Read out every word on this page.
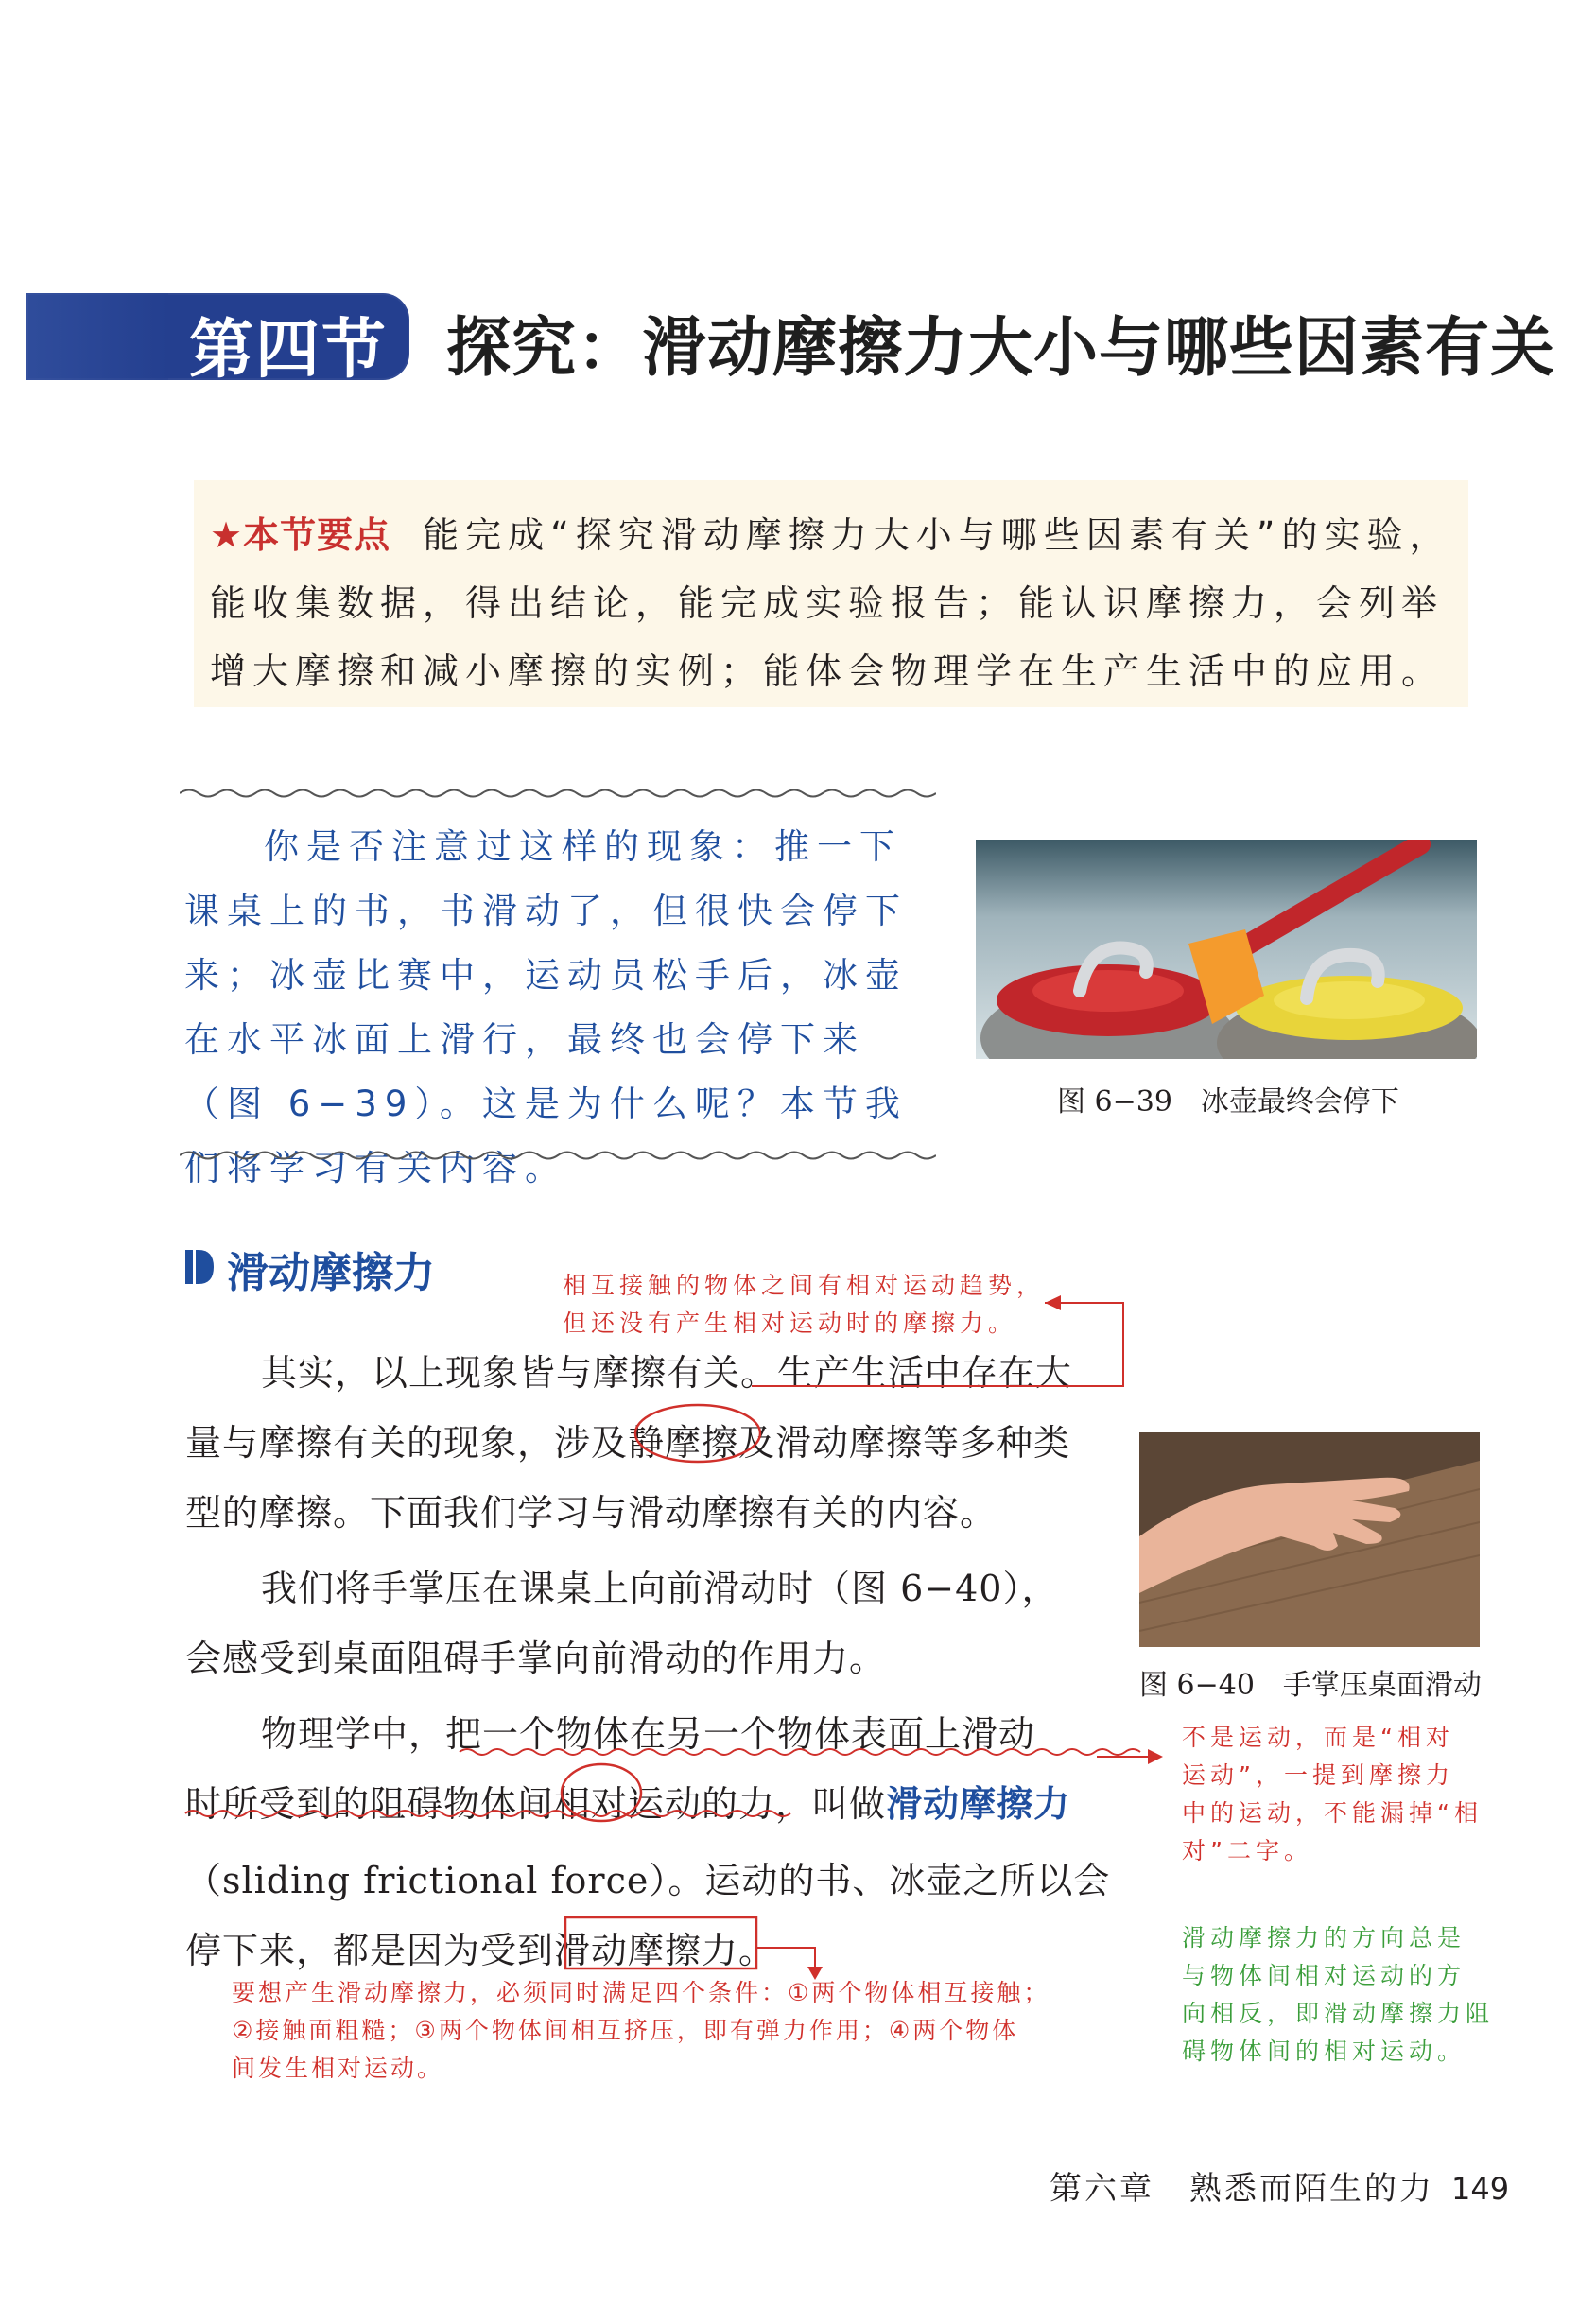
第四节 探究：滑动摩擦力大小与哪些因素有关
★本节要点 能完成“探究滑动摩擦力大小与哪些因素有关”的实验，能收集数据，得出结论，能完成实验报告；能认识摩擦力，会列举增大摩擦和减小摩擦的实例；能体会物理学在生产生活中的应用。
你是否注意过这样的现象：推一下课桌上的书，书滑动了，但很快会停下来；冰壶比赛中，运动员松手后，冰壶在水平冰面上滑行，最终也会停下来（图 6−39）。这是为什么呢？本节我们将学习有关内容。
图 6−39　冰壶最终会停下
滑动摩擦力	相互接触的物体之间有相对运动趋势，
但还没有产生相对运动时的摩擦力。
其实，以上现象皆与摩擦有关。生产生活中存在大
量与摩擦有关的现象，涉及静摩擦及滑动摩擦等多种类
型的摩擦。下面我们学习与滑动摩擦有关的内容。
我们将手掌压在课桌上向前滑动时（图 6−40），
会感受到桌面阻碍手掌向前滑动的作用力。
物理学中，把一个物体在另一个物体表面上滑动
时所受到的阻碍物体间相对运动的力，叫做滑动摩擦力
（sliding frictional force）。运动的书、冰壶之所以会
停下来，都是因为受到滑动摩擦力。
图 6−40　手掌压桌面滑动
不是运动，而是“相对
运动”，一提到摩擦力
中的运动，不能漏掉“相
对”二字。
要想产生滑动摩擦力，必须同时满足四个条件：①两个物体相互接触；
②接触面粗糙；③两个物体间相互挤压，即有弹力作用；④两个物体
间发生相对运动。
滑动摩擦力的方向总是
与物体间相对运动的方
向相反，即滑动摩擦力阻
碍物体间的相对运动。
第六章　熟悉而陌生的力 149
